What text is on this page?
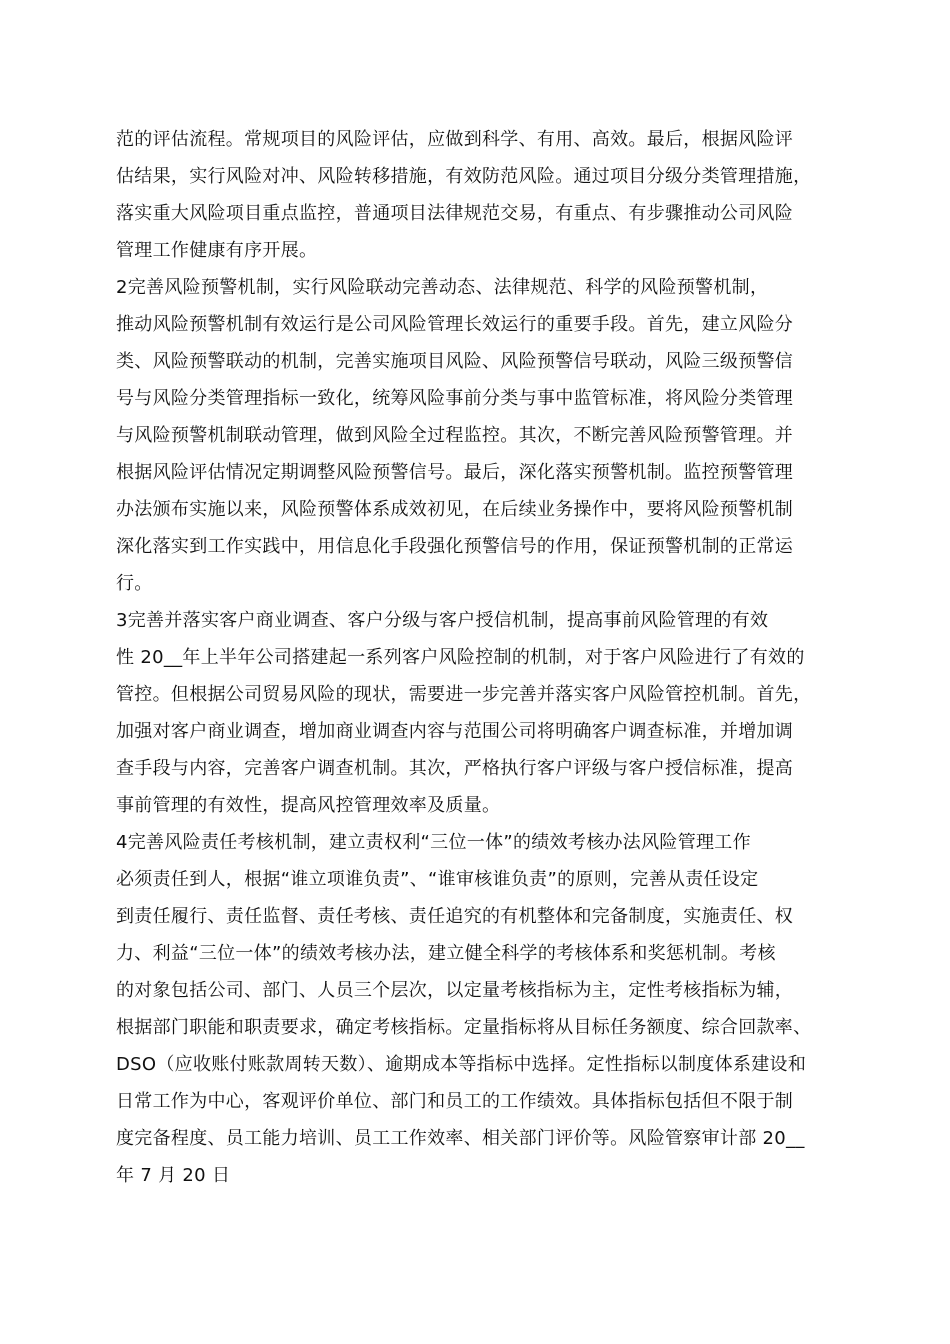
范的评估流程。常规项目的风险评估，应做到科学、有用、高效。最后，根据风险评
估结果，实行风险对冲、风险转移措施，有效防范风险。通过项目分级分类管理措施，
落实重大风险项目重点监控，普通项目法律规范交易，有重点、有步骤推动公司风险
管理工作健康有序开展。
2完善风险预警机制，实行风险联动完善动态、法律规范、科学的风险预警机制，
推动风险预警机制有效运行是公司风险管理长效运行的重要手段。首先，建立风险分
类、风险预警联动的机制，完善实施项目风险、风险预警信号联动，风险三级预警信
号与风险分类管理指标一致化，统筹风险事前分类与事中监管标准，将风险分类管理
与风险预警机制联动管理，做到风险全过程监控。其次，不断完善风险预警管理。并
根据风险评估情况定期调整风险预警信号。最后，深化落实预警机制。监控预警管理
办法颁布实施以来，风险预警体系成效初见，在后续业务操作中，要将风险预警机制
深化落实到工作实践中，用信息化手段强化预警信号的作用，保证预警机制的正常运
行。
3完善并落实客户商业调查、客户分级与客户授信机制，提高事前风险管理的有效
性 20__年上半年公司搭建起一系列客户风险控制的机制，对于客户风险进行了有效的
管控。但根据公司贸易风险的现状，需要进一步完善并落实客户风险管控机制。首先，
加强对客户商业调查，增加商业调查内容与范围公司将明确客户调查标准，并增加调
查手段与内容，完善客户调查机制。其次，严格执行客户评级与客户授信标准，提高
事前管理的有效性，提高风控管理效率及质量。
4完善风险责任考核机制，建立责权利“三位一体”的绩效考核办法风险管理工作
必须责任到人，根据“谁立项谁负责”、“谁审核谁负责”的原则，完善从责任设定
到责任履行、责任监督、责任考核、责任追究的有机整体和完备制度，实施责任、权
力、利益“三位一体”的绩效考核办法，建立健全科学的考核体系和奖惩机制。考核
的对象包括公司、部门、人员三个层次，以定量考核指标为主，定性考核指标为辅，
根据部门职能和职责要求，确定考核指标。定量指标将从目标任务额度、综合回款率、
DSO（应收账付账款周转天数）、逾期成本等指标中选择。定性指标以制度体系建设和
日常工作为中心，客观评价单位、部门和员工的工作绩效。具体指标包括但不限于制
度完备程度、员工能力培训、员工工作效率、相关部门评价等。风险管察审计部 20__
年 7 月 20 日
